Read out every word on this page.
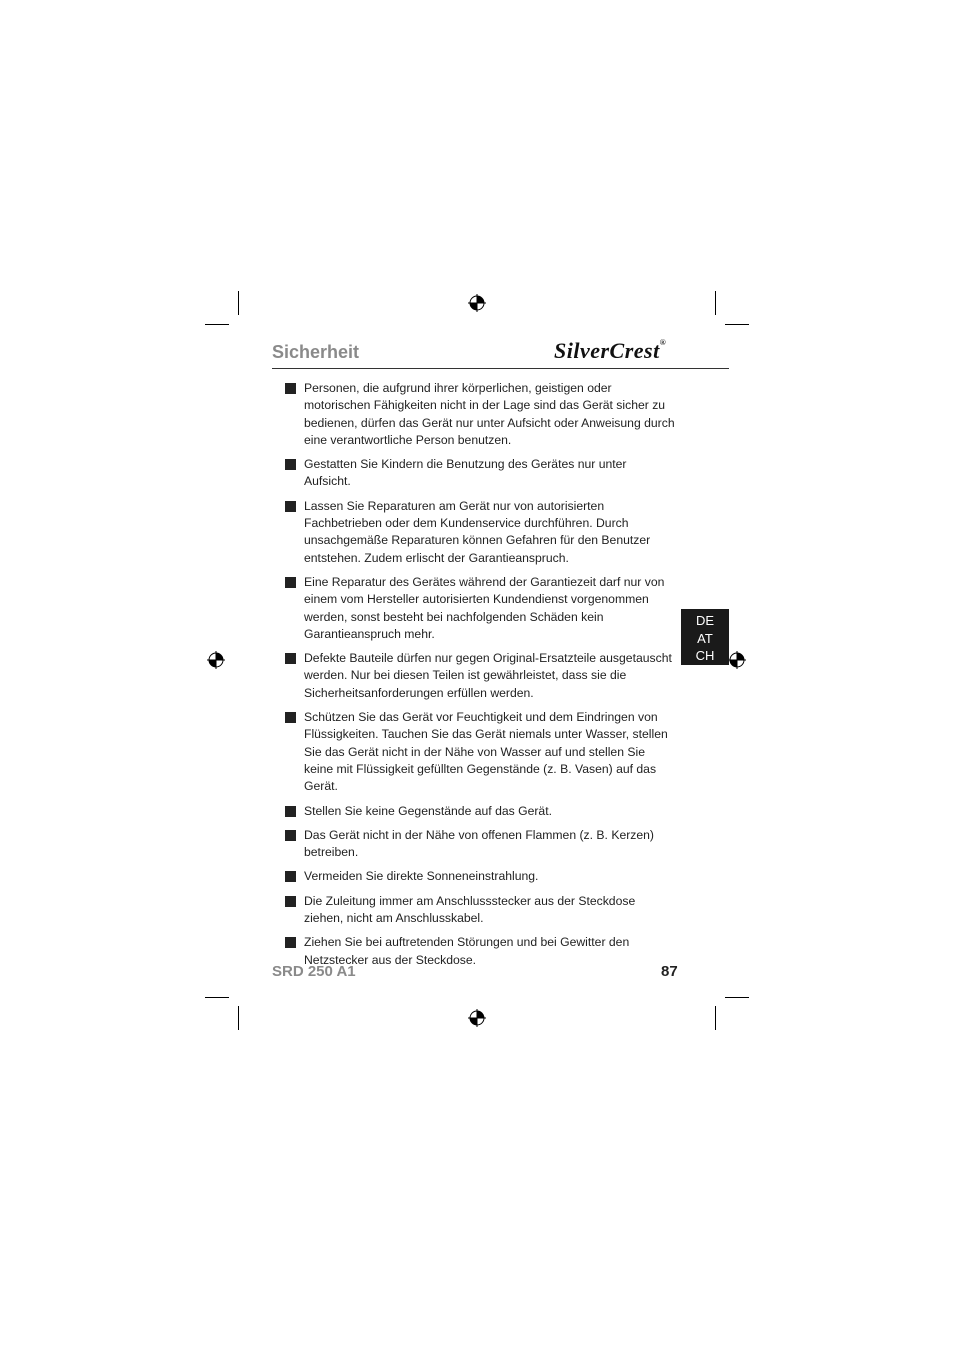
Sicherheit	SilverCrest®
Personen, die aufgrund ihrer körperlichen, geistigen oder motorischen Fähigkeiten nicht in der Lage sind das Gerät sicher zu bedienen, dürfen das Gerät nur unter Aufsicht oder Anweisung durch eine verantwortliche Person benutzen.
Gestatten Sie Kindern die Benutzung des Gerätes nur unter Aufsicht.
Lassen Sie Reparaturen am Gerät nur von autorisierten Fachbetrieben oder dem Kundenservice durchführen. Durch unsachgemäße Reparaturen können Gefahren für den Benutzer entstehen. Zudem erlischt der Garantieanspruch.
Eine Reparatur des Gerätes während der Garantiezeit darf nur von einem vom Hersteller autorisierten Kundendienst vorgenommen werden, sonst besteht bei nachfolgenden Schäden kein Garantieanspruch mehr.
Defekte Bauteile dürfen nur gegen Original-Ersatzteile ausgetauscht werden. Nur bei diesen Teilen ist gewährleistet, dass sie die Sicherheitsanforderungen erfüllen werden.
Schützen Sie das Gerät vor Feuchtigkeit und dem Eindringen von Flüssigkeiten. Tauchen Sie das Gerät niemals unter Wasser, stellen Sie das Gerät nicht in der Nähe von Wasser auf und stellen Sie keine mit Flüssigkeit gefüllten Gegenstände (z. B. Vasen) auf das Gerät.
Stellen Sie keine Gegenstände auf das Gerät.
Das Gerät nicht in der Nähe von offenen Flammen (z. B. Kerzen) betreiben.
Vermeiden Sie direkte Sonneneinstrahlung.
Die Zuleitung immer am Anschlussstecker aus der Steckdose ziehen, nicht am Anschlusskabel.
Ziehen Sie bei auftretenden Störungen und bei Gewitter den Netzstecker aus der Steckdose.
DE
AT
CH
SRD 250 A1	87
